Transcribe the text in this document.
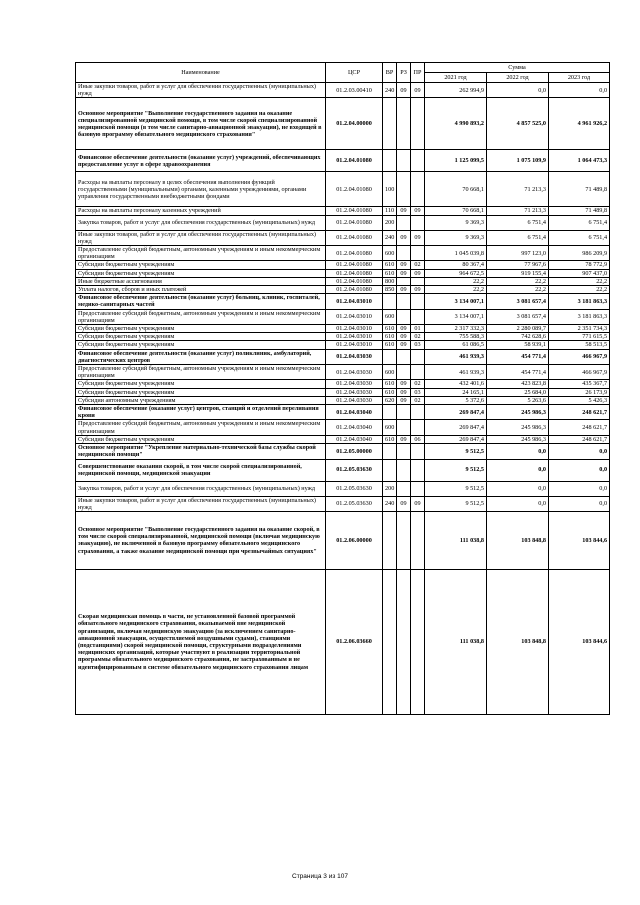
Наименование	ЦСР	ВР	РЗ	ПР	Сумма		
					2021 год	2022 год	2023 год
Иные закупки товаров, работ и услуг для обеспечения государственных (муниципальных) нужд	01.2.03.00410	240	09	09	262 994,9	0,0	0,0
Основное мероприятие "Выполнение государственного задания на оказание специализированной медицинской помощи, в том числе скорой специализированной медицинской помощи (в том числе санитарно-авиационной эвакуации), не входящей в базовую программу обязательного медицинского страхования"	01.2.04.00000				4 990 893,2	4 857 525,0	4 961 926,2
Финансовое обеспечение деятельности (оказание услуг) учреждений, обеспечивающих предоставление услуг в сфере здравоохранения	01.2.04.01080				1 125 099,5	1 075 109,9	1 064 473,3
Расходы на выплаты персоналу в целях обеспечения выполнения функций государственными (муниципальными) органами, казенными учреждениями, органами управления государственными внебюджетными фондами	01.2.04.01080	100			70 668,1	71 213,3	71 489,8
Расходы на выплаты персоналу казенных учреждений	01.2.04.01080	110	09	09	70 668,1	71 213,3	71 489,8
Закупка товаров, работ и услуг для обеспечения государственных (муниципальных) нужд	01.2.04.01080	200			9 369,3	6 751,4	6 751,4
Иные закупки товаров, работ и услуг для обеспечения государственных (муниципальных) нужд	01.2.04.01080	240	09	09	9 369,3	6 751,4	6 751,4
Предоставление субсидий бюджетным, автономным учреждениям и иным некоммерческим организациям	01.2.04.01080	600			1 045 039,8	997 123,0	986 209,9
Субсидии бюджетным учреждениям	01.2.04.01080	610	09	02	80 367,4	77 967,6	78 772,9
Субсидии бюджетным учреждениям	01.2.04.01080	610	09	09	964 672,5	919 155,4	907 437,0
Иные бюджетные ассигнования	01.2.04.01080	800			22,2	22,2	22,2
Уплата налогов, сборов и иных платежей	01.2.04.01080	850	09	09	22,2	22,2	22,2
Финансовое обеспечение деятельности (оказание услуг) больниц, клиник, госпиталей, медико-санитарных частей	01.2.04.03010				3 134 007,1	3 081 657,4	3 181 863,3
Предоставление субсидий бюджетным, автономным учреждениям и иным некоммерческим организациям	01.2.04.03010	600			3 134 007,1	3 081 657,4	3 181 863,3
Субсидии бюджетным учреждениям	01.2.04.03010	610	09	01	2 317 332,3	2 280 089,7	2 351 734,3
Субсидии бюджетным учреждениям	01.2.04.03010	610	09	02	755 588,3	742 628,6	771 615,5
Субсидии бюджетным учреждениям	01.2.04.03010	610	09	03	61 086,5	58 939,1	58 513,5
Финансовое обеспечение деятельности (оказание услуг) поликлиник, амбулаторий, диагностических центров	01.2.04.03030				461 939,3	454 771,4	466 967,9
Предоставление субсидий бюджетным, автономным учреждениям и иным некоммерческим организациям	01.2.04.03030	600			461 939,3	454 771,4	466 967,9
Субсидии бюджетным учреждениям	01.2.04.03030	610	09	02	432 401,6	423 823,8	435 367,7
Субсидии бюджетным учреждениям	01.2.04.03030	610	09	03	24 165,1	25 684,0	26 173,9
Субсидии автономным учреждениям	01.2.04.03030	620	09	02	5 372,6	5 263,6	5 426,3
Финансовое обеспечение (оказание услуг) центров, станций и отделений переливания крови	01.2.04.03040				269 847,4	245 986,3	248 621,7
Предоставление субсидий бюджетным, автономным учреждениям и иным некоммерческим организациям	01.2.04.03040	600			269 847,4	245 986,3	248 621,7
Субсидии бюджетным учреждениям	01.2.04.03040	610	09	06	269 847,4	245 986,3	248 621,7
Основное мероприятие "Укрепление материально-технической базы службы скорой медицинской помощи"	01.2.05.00000				9 512,5	0,0	0,0
Совершенствование оказания скорой, в том числе скорой специализированной, медицинской помощи, медицинской эвакуации	01.2.05.03630				9 512,5	0,0	0,0
Закупка товаров, работ и услуг для обеспечения государственных (муниципальных) нужд	01.2.05.03630	200			9 512,5	0,0	0,0
Иные закупки товаров, работ и услуг для обеспечения государственных (муниципальных) нужд	01.2.05.03630	240	09	09	9 512,5	0,0	0,0
Основное мероприятие "Выполнение государственного задания на оказание скорой, в том числе скорой специализированной, медицинской помощи (включая медицинскую эвакуацию), не включенной в базовую программу обязательного медицинского страхования, а также оказание медицинской помощи при чрезвычайных ситуациях"	01.2.06.00000				111 038,8	103 848,8	103 844,6
Скорая медицинская помощь в части, не установленной базовой программой обязательного медицинского страхования, оказываемой вне медицинской организации, включая медицинскую эвакуацию (за исключением санитарно-авиационной эвакуации, осуществляемой воздушными судами), станциями (подстанциями) скорой медицинской помощи, структурными подразделениями медицинских организаций, которые участвуют в реализации территориальной программы обязательного медицинского страхования, не застрахованным и не идентифицированным в системе обязательного медицинского страхования лицам	01.2.06.03660				111 038,8	103 848,8	103 844,6
Страница 3 из 107
